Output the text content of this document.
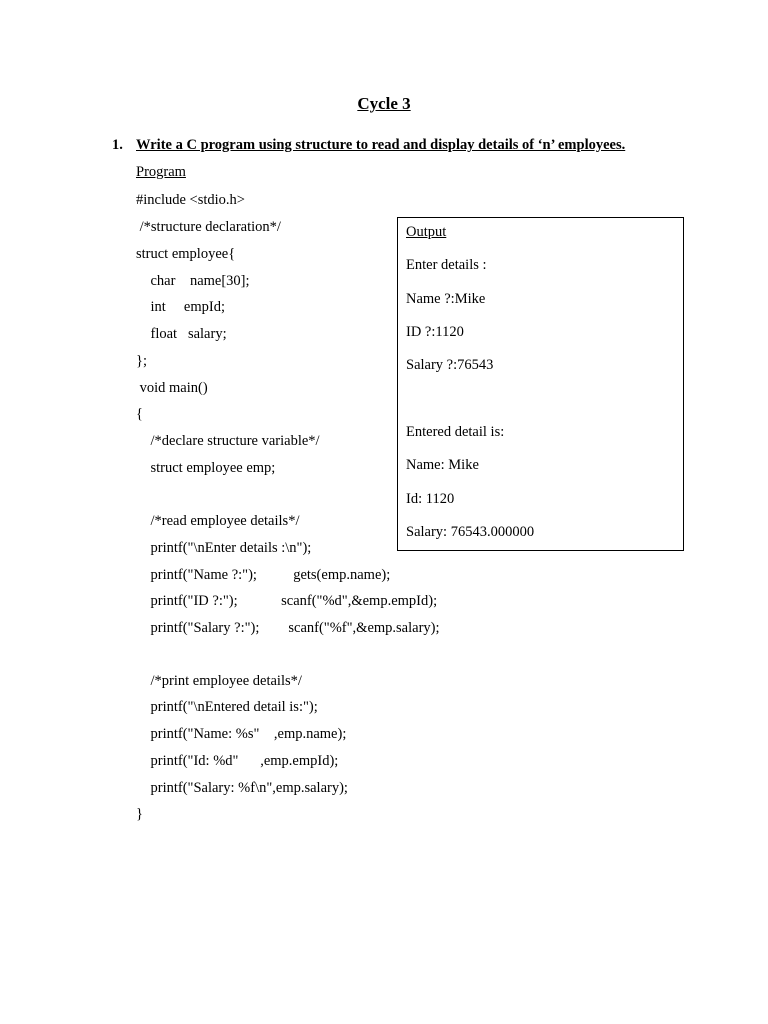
Cycle 3
1. Write a C program using structure to read and display details of ‘n’ employees.
Program
#include <stdio.h>
/*structure declaration*/
struct employee{
char    name[30];
int     empId;
float   salary;
};
void main()
{
/*declare structure variable*/
struct employee emp;
/*read employee details*/
printf("\nEnter details :\n");
printf("Name ?:");          gets(emp.name);
printf("ID ?:");            scanf("%d",&emp.empId);
printf("Salary ?:");        scanf("%f",&emp.salary);
/*print employee details*/
printf("\nEntered detail is:");
printf("Name: %s"    ,emp.name);
printf("Id: %d"      ,emp.empId);
printf("Salary: %f\n",emp.salary);
}
Output
Enter details :
Name ?:Mike
ID ?:1120
Salary ?:76543
Entered detail is:
Name: Mike
Id: 1120
Salary: 76543.000000
